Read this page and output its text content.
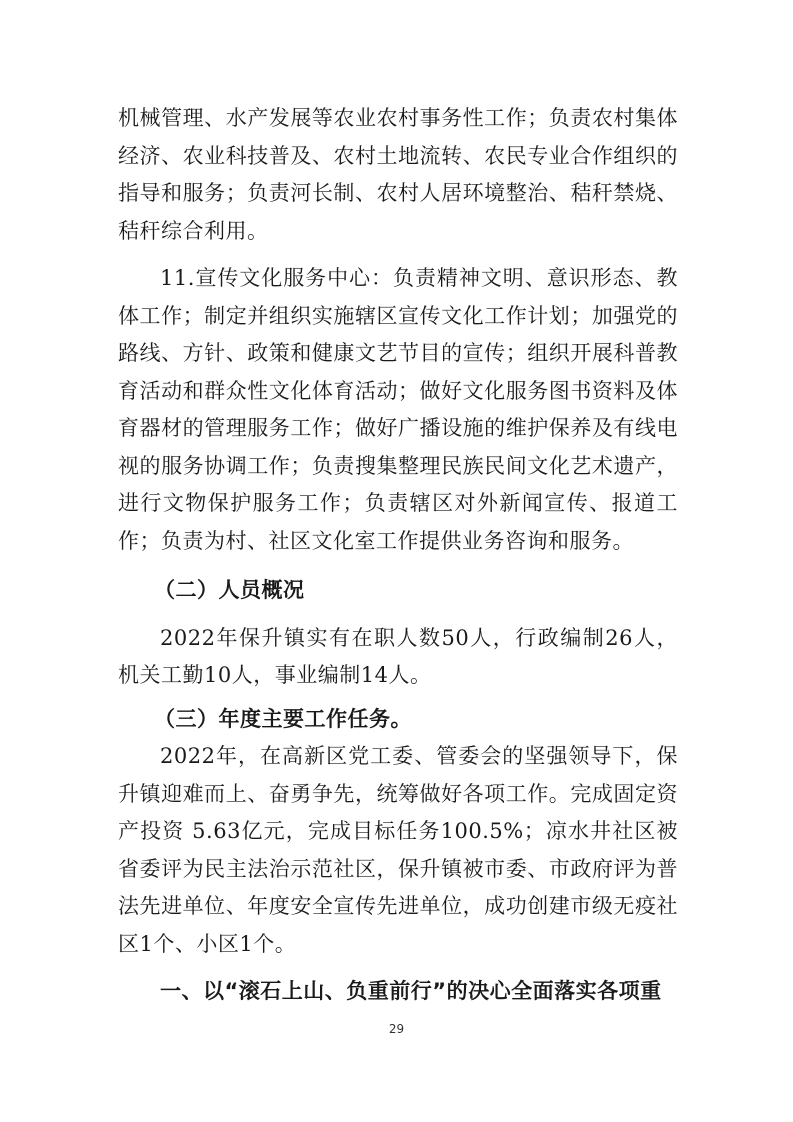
机械管理、水产发展等农业农村事务性工作；负责农村集体经济、农业科技普及、农村土地流转、农民专业合作组织的指导和服务；负责河长制、农村人居环境整治、秸秆禁烧、秸秆综合利用。

11.宣传文化服务中心：负责精神文明、意识形态、教体工作；制定并组织实施辖区宣传文化工作计划；加强党的路线、方针、政策和健康文艺节目的宣传；组织开展科普教育活动和群众性文化体育活动；做好文化服务图书资料及体育器材的管理服务工作；做好广播设施的维护保养及有线电视的服务协调工作；负责搜集整理民族民间文化艺术遗产，进行文物保护服务工作；负责辖区对外新闻宣传、报道工作；负责为村、社区文化室工作提供业务咨询和服务。

（二）人员概况

2022年保升镇实有在职人数50人，行政编制26人，机关工勤10人，事业编制14人。

（三）年度主要工作任务。

2022年，在高新区党工委、管委会的坚强领导下，保升镇迎难而上、奋勇争先，统筹做好各项工作。完成固定资产投资 5.63亿元，完成目标任务100.5%；凉水井社区被省委评为民主法治示范社区，保升镇被市委、市政府评为普法先进单位、年度安全宣传先进单位，成功创建市级无疫社区1个、小区1个。

一、以“滚石上山、负重前行”的决心全面落实各项重

29
